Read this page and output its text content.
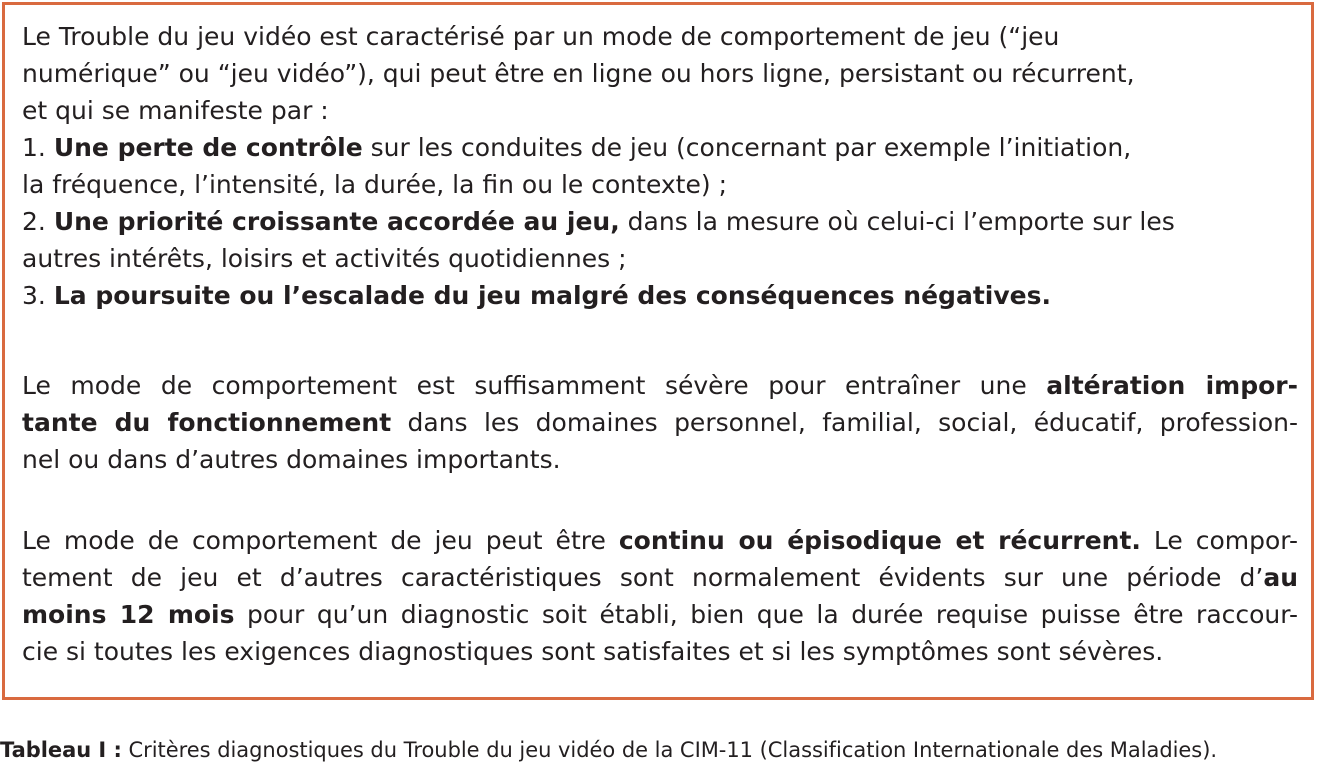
Le Trouble du jeu vidéo est caractérisé par un mode de comportement de jeu (“jeu
numérique” ou “jeu vidéo”), qui peut être en ligne ou hors ligne, persistant ou récurrent,
et qui se manifeste par :
1. Une perte de contrôle sur les conduites de jeu (concernant par exemple l’initiation,
la fréquence, l’intensité, la durée, la fin ou le contexte) ;
2. Une priorité croissante accordée au jeu, dans la mesure où celui-ci l’emporte sur les
autres intérêts, loisirs et activités quotidiennes ;
3. La poursuite ou l’escalade du jeu malgré des conséquences négatives.
Le mode de comportement est suffisamment sévère pour entraîner une altération impor-
tante du fonctionnement dans les domaines personnel, familial, social, éducatif, profession-
nel ou dans d’autres domaines importants.
Le mode de comportement de jeu peut être continu ou épisodique et récurrent. Le compor-
tement de jeu et d’autres caractéristiques sont normalement évidents sur une période d’au
moins 12 mois pour qu’un diagnostic soit établi, bien que la durée requise puisse être raccour-
cie si toutes les exigences diagnostiques sont satisfaites et si les symptômes sont sévères.
Tableau I : Critères diagnostiques du Trouble du jeu vidéo de la CIM-11 (Classification Internationale des Maladies).
